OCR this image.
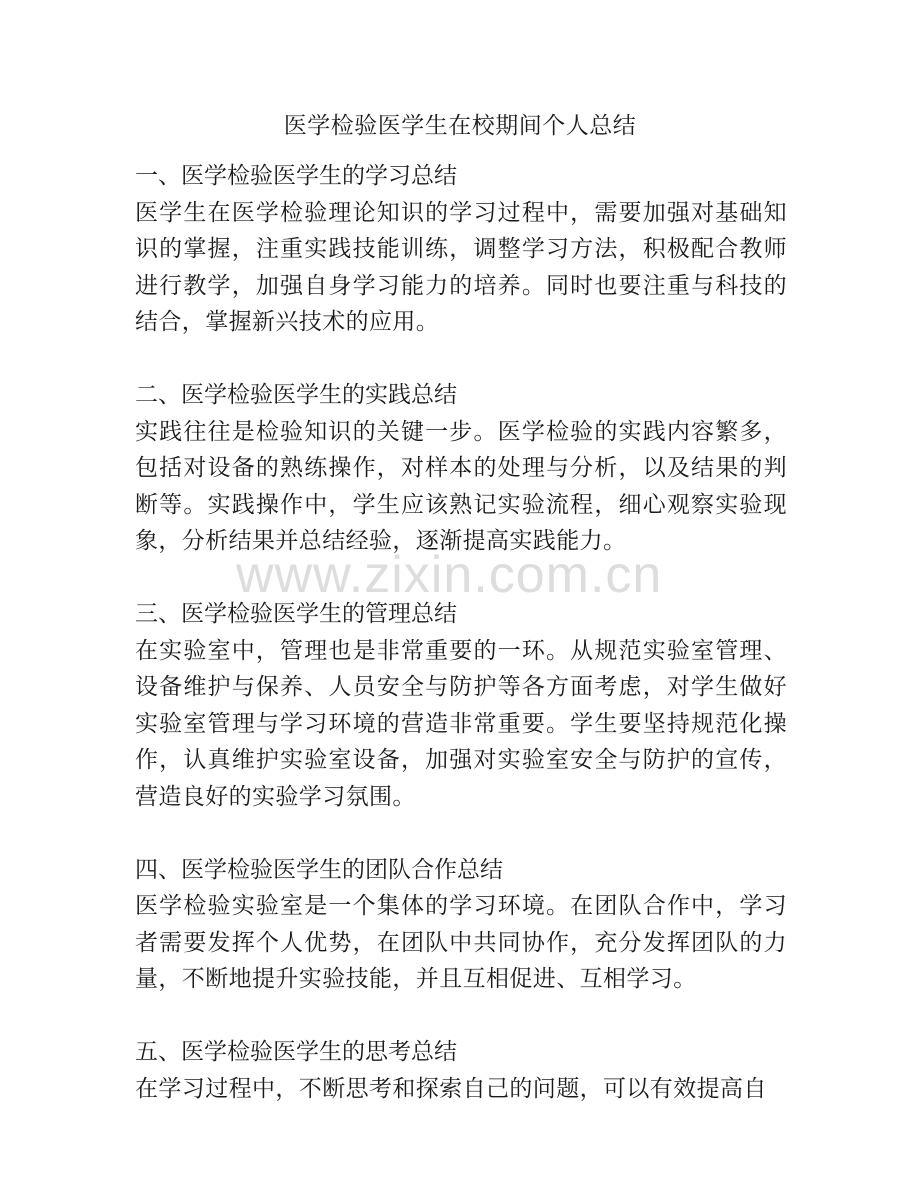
医学检验医学生在校期间个人总结
一、医学检验医学生的学习总结
医学生在医学检验理论知识的学习过程中，需要加强对基础知识的掌握，注重实践技能训练，调整学习方法，积极配合教师进行教学，加强自身学习能力的培养。同时也要注重与科技的结合，掌握新兴技术的应用。
二、医学检验医学生的实践总结
实践往往是检验知识的关键一步。医学检验的实践内容繁多，包括对设备的熟练操作，对样本的处理与分析，以及结果的判断等。实践操作中，学生应该熟记实验流程，细心观察实验现象，分析结果并总结经验，逐渐提高实践能力。
三、医学检验医学生的管理总结
在实验室中，管理也是非常重要的一环。从规范实验室管理、设备维护与保养、人员安全与防护等各方面考虑，对学生做好实验室管理与学习环境的营造非常重要。学生要坚持规范化操作，认真维护实验室设备，加强对实验室安全与防护的宣传，营造良好的实验学习氛围。
四、医学检验医学生的团队合作总结
医学检验实验室是一个集体的学习环境。在团队合作中，学习者需要发挥个人优势，在团队中共同协作，充分发挥团队的力量，不断地提升实验技能，并且互相促进、互相学习。
五、医学检验医学生的思考总结
在学习过程中，不断思考和探索自己的问题，可以有效提高自
www.zixin.com.cn
